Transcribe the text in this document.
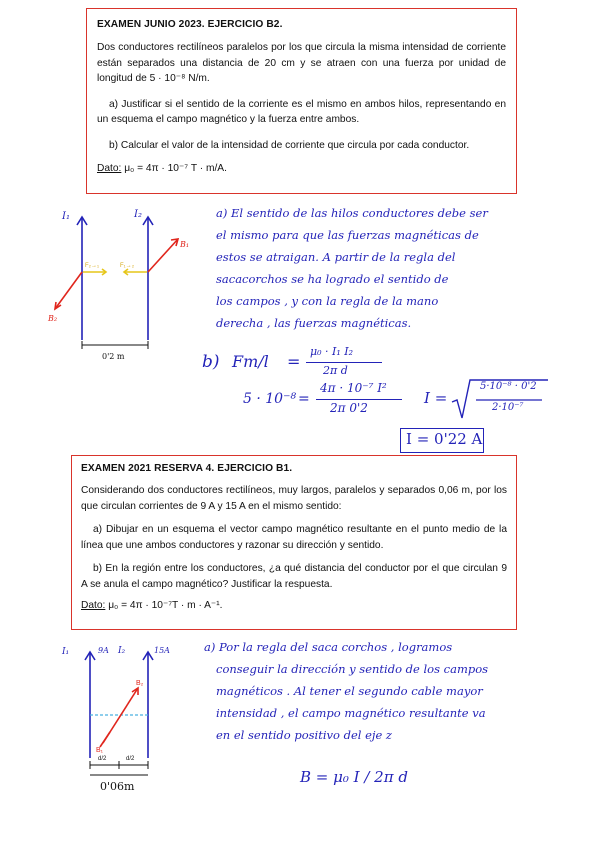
EXAMEN JUNIO 2023. EJERCICIO B2.

Dos conductores rectilíneos paralelos por los que circula la misma intensidad de corriente están separados una distancia de 20 cm y se atraen con una fuerza por unidad de longitud de 5 · 10⁻⁸ N/m.

a) Justificar si el sentido de la corriente es el mismo en ambos hilos, representando en un esquema el campo magnético y la fuerza entre ambos.

b) Calcular el valor de la intensidad de corriente que circula por cada conductor.

Dato: μ₀ = 4π · 10⁻⁷ T · m/A.
I₁	I₂
F₂→₁	F₁→₂
B₂
B₁
0'2 m
a) El sentido de las hilos conductores debe ser
el mismo para que las fuerzas magnéticas de
estos se atraigan. A partir de la regla del
sacacorchos se ha logrado el sentido de
los campos , y con la regla de la mano
derecha , las fuerzas magnéticas.
b) Fm/l =
μ₀ · I₁ I₂
2π d
5 · 10⁻⁸ =
4π · 10⁻⁷ I²
2π 0'2
I =
5·10⁻⁸ · 0'2
2·10⁻⁷
I = 0'22 A
EXAMEN 2021 RESERVA 4. EJERCICIO B1.

Considerando dos conductores rectilíneos, muy largos, paralelos y separados 0,06 m, por los que circulan corrientes de 9 A y 15 A en el mismo sentido:

a) Dibujar en un esquema el vector campo magnético resultante en el punto medio de la línea que une ambos conductores y razonar su dirección y sentido.

b) En la región entre los conductores, ¿a qué distancia del conductor por el que circulan 9 A se anula el campo magnético? Justificar la respuesta.

Dato: μ₀ = 4π · 10⁻⁷T · m · A⁻¹.
I₁	9A I₂	15A
B₂
B₁
d/2	d/2
0'06m
a) Por la regla del saca corchos , logramos
conseguir la dirección y sentido de los campos
magnéticos . Al tener el segundo cable mayor
intensidad , el campo magnético resultante va
en el sentido positivo del eje z
B = μ₀ I / 2π d
